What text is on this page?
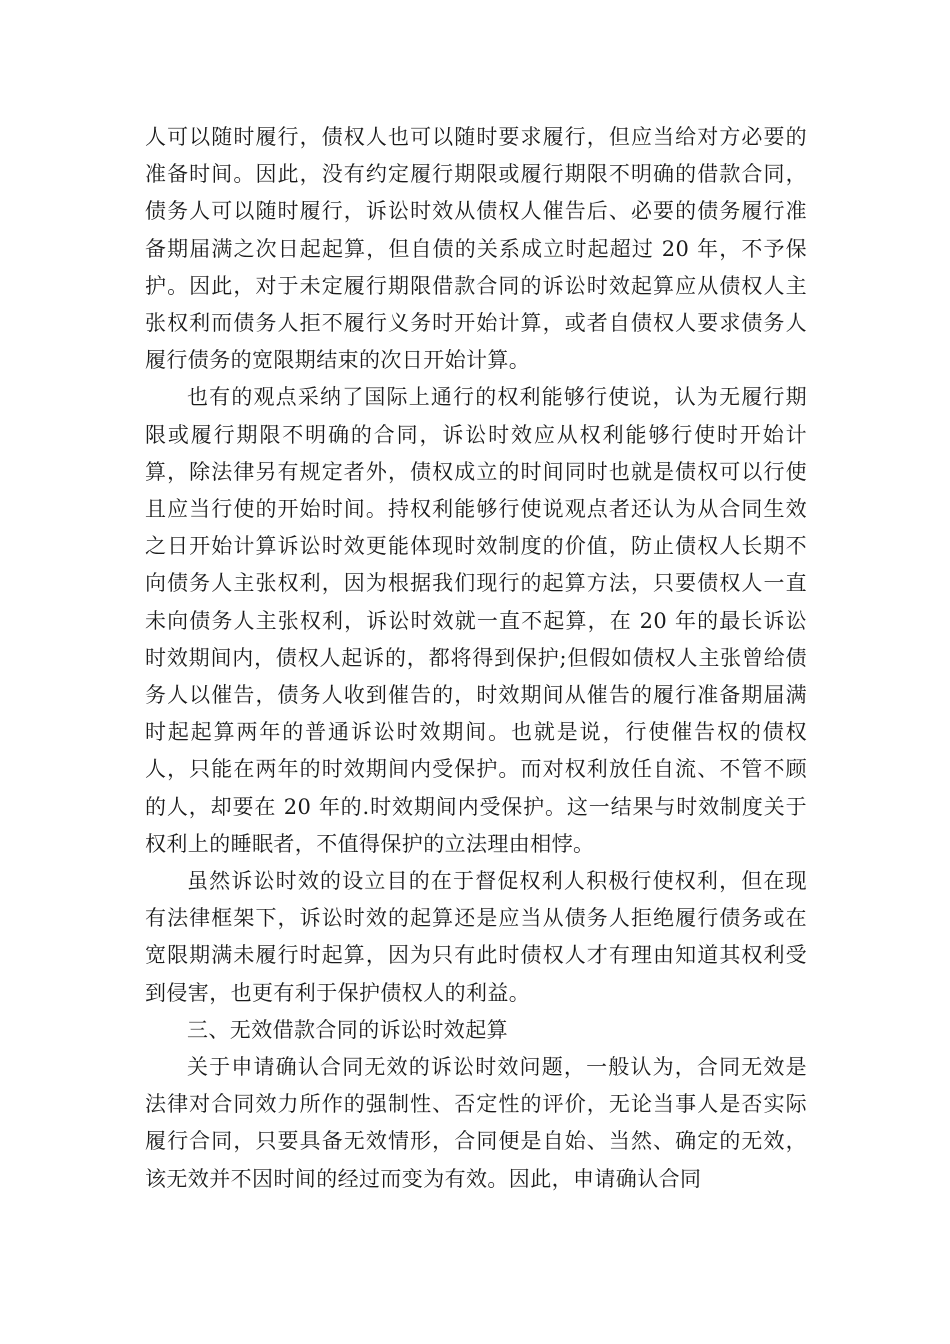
人可以随时履行，债权人也可以随时要求履行，但应当给对方必要的准备时间。因此，没有约定履行期限或履行期限不明确的借款合同，债务人可以随时履行，诉讼时效从债权人催告后、必要的债务履行准备期届满之次日起起算，但自债的关系成立时起超过 20 年，不予保护。因此，对于未定履行期限借款合同的诉讼时效起算应从债权人主张权利而债务人拒不履行义务时开始计算，或者自债权人要求债务人履行债务的宽限期结束的次日开始计算。

也有的观点采纳了国际上通行的权利能够行使说，认为无履行期限或履行期限不明确的合同，诉讼时效应从权利能够行使时开始计算，除法律另有规定者外，债权成立的时间同时也就是债权可以行使且应当行使的开始时间。持权利能够行使说观点者还认为从合同生效之日开始计算诉讼时效更能体现时效制度的价值，防止债权人长期不向债务人主张权利，因为根据我们现行的起算方法，只要债权人一直未向债务人主张权利，诉讼时效就一直不起算，在 20 年的最长诉讼时效期间内，债权人起诉的，都将得到保护;但假如债权人主张曾给债务人以催告，债务人收到催告的，时效期间从催告的履行准备期届满时起起算两年的普通诉讼时效期间。也就是说，行使催告权的债权人，只能在两年的时效期间内受保护。而对权利放任自流、不管不顾的人，却要在 20 年的.时效期间内受保护。这一结果与时效制度关于权利上的睡眠者，不值得保护的立法理由相悖。

虽然诉讼时效的设立目的在于督促权利人积极行使权利，但在现有法律框架下，诉讼时效的起算还是应当从债务人拒绝履行债务或在宽限期满未履行时起算，因为只有此时债权人才有理由知道其权利受到侵害，也更有利于保护债权人的利益。

三、无效借款合同的诉讼时效起算

关于申请确认合同无效的诉讼时效问题，一般认为，合同无效是法律对合同效力所作的强制性、否定性的评价，无论当事人是否实际履行合同，只要具备无效情形，合同便是自始、当然、确定的无效，该无效并不因时间的经过而变为有效。因此，申请确认合同
